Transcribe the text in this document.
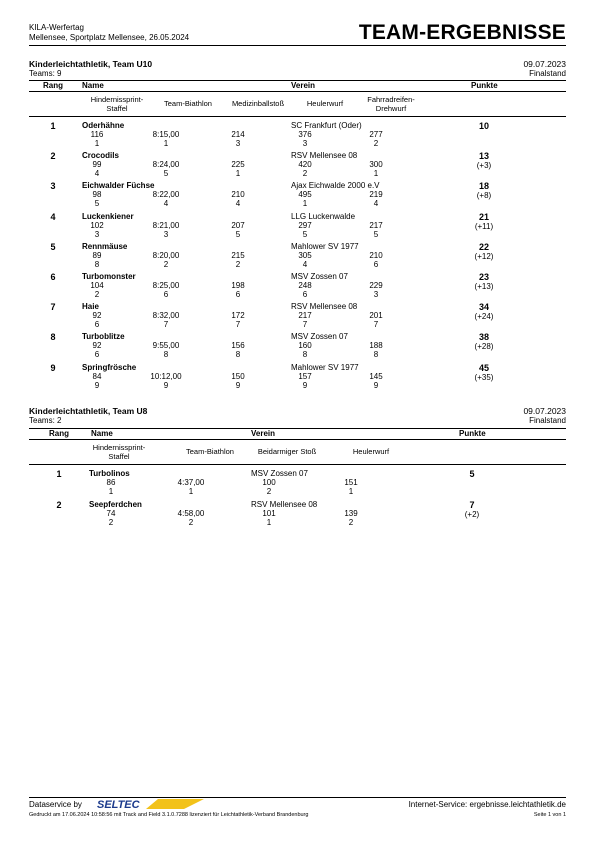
KILA-Werfertag
Mellensee, Sportplatz Mellensee, 26.05.2024	TEAM-ERGEBNISSE
Kinderleichtathletik, Team U10	09.07.2023
Teams: 9	Finalstand
Rang Name	Verein	Punkte
Hindernissprint-Staffel
Team-Biathlon	Medizinballstoß	Heulerwurf	Fahrradreifen-Drehwurf
1	Oderhähne	SC Frankfurt (Oder)	10
116	8:15,00	214	376	277
1	1	3	3	2
2	Crocodils	RSV Mellensee 08	13
(+3)
99	8:24,00	225	420	300
4	5	1	2	1
3	Eichwalder Füchse	Ajax Eichwalde 2000 e.V	18
(+8)
98	8:22,00	210	495	219
5	4	4	1	4
4	Luckenkiener	LLG Luckenwalde	21
(+11)
102	8:21,00	207	297	217
3	3	5	5	5
5	Rennmäuse	Mahlower SV 1977	22
(+12)
89	8:20,00	215	305	210
8	2	2	4	6
6	Turbomonster	MSV Zossen 07	23
(+13)
104	8:25,00	198	248	229
2	6	6	6	3
7	Haie	RSV Mellensee 08	34
(+24)
92	8:32,00	172	217	201
6	7	7	7	7
8	Turboblitze	MSV Zossen 07	38
(+28)
92	9:55,00	156	160	188
6	8	8	8	8
9	Springfrösche	Mahlower SV 1977	45
(+35)
84	10:12,00	150	157	145
9	9	9	9	9
Kinderleichtathletik, Team U8	09.07.2023
Teams: 2	Finalstand
Rang	Name	Verein	Punkte
Hindernissprint-Staffel
Team-Biathlon	Beidarmiger Stoß	Heulerwurf
1	Turbolinos	MSV Zossen 07	5
86	4:37,00	100	151
1	1	2	1
2	Seepferdchen	RSV Mellensee 08	7
(+2)
74	4:58,00	101	139
2	2	1	2
Dataservice by SELTEC	Internet-Service: ergebnisse.leichtathletik.de
Gedruckt am 17.06.2024 10:58:56 mit Track and Field 3.1.0.7288 lizenziert für Leichtathletik-Verband Brandenburg	Seite 1 von 1
